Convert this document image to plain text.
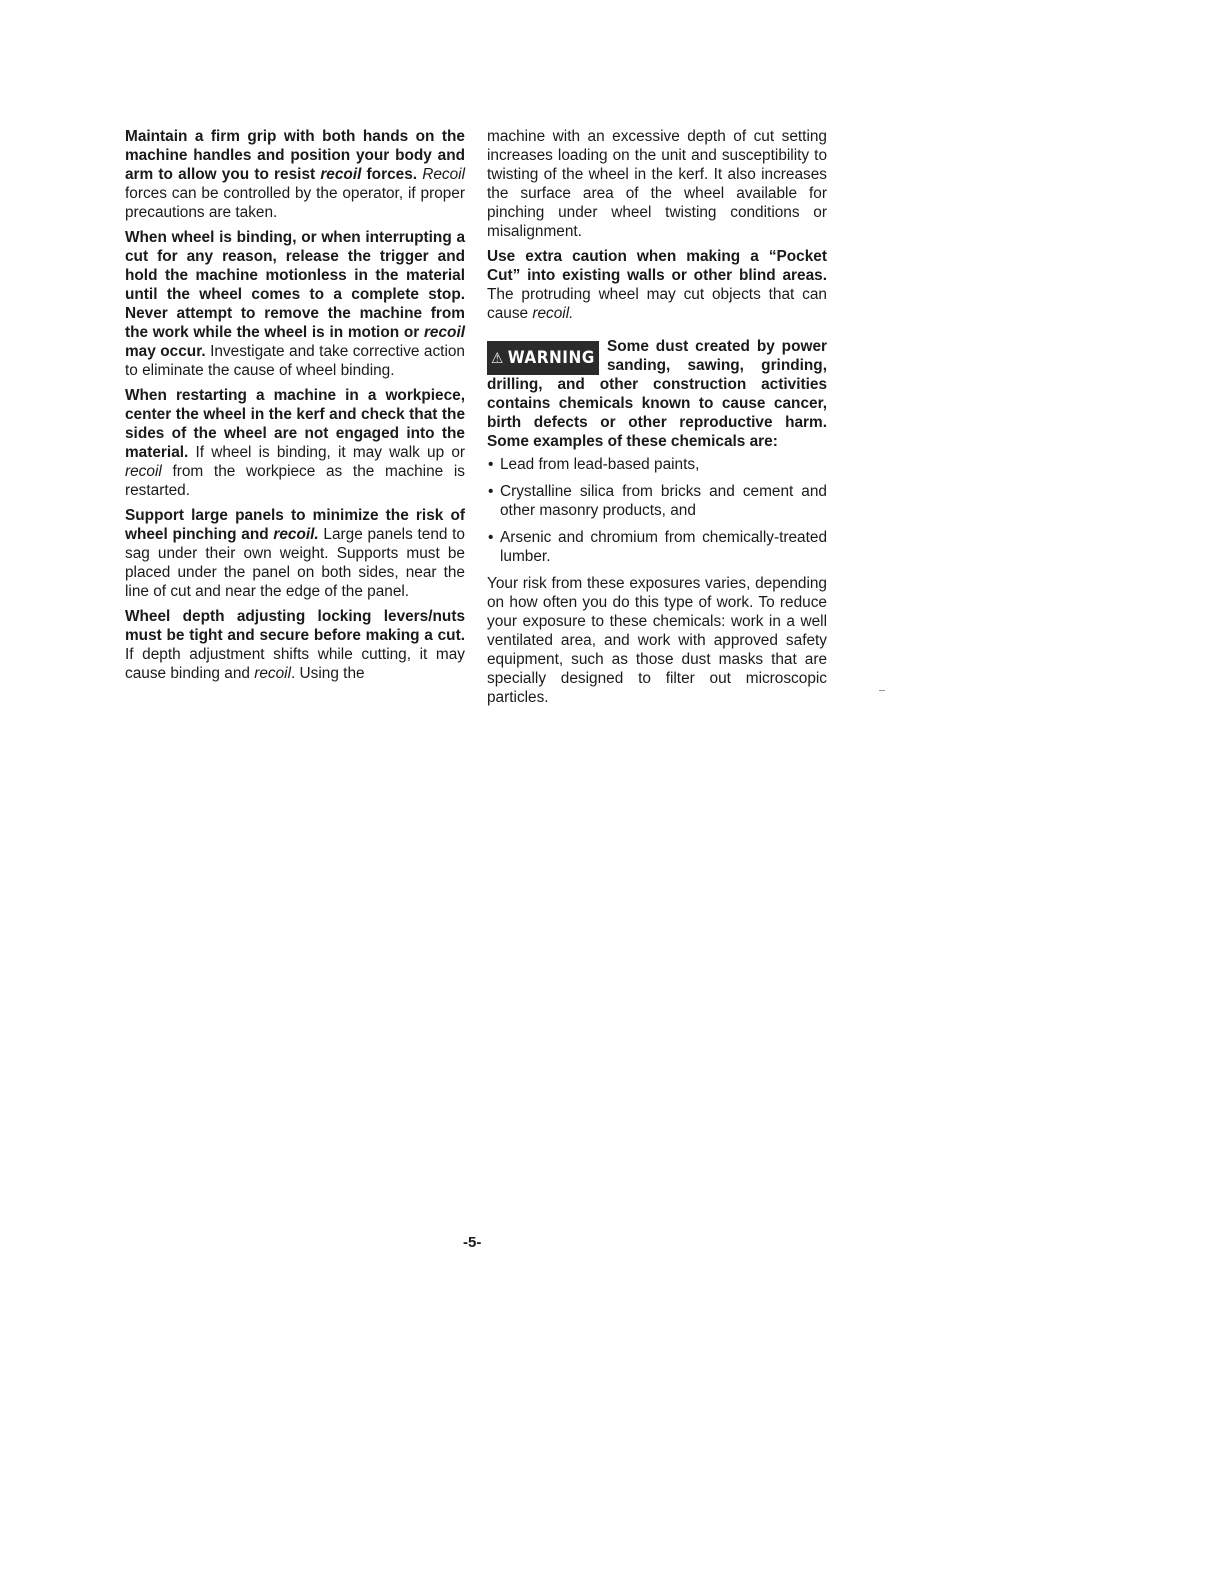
Maintain a firm grip with both hands on the machine handles and position your body and arm to allow you to resist recoil forces. Recoil forces can be controlled by the operator, if proper precautions are taken.

When wheel is binding, or when interrupting a cut for any reason, release the trigger and hold the machine motionless in the material until the wheel comes to a complete stop. Never attempt to remove the machine from the work while the wheel is in motion or recoil may occur. Investigate and take corrective action to eliminate the cause of wheel binding.

When restarting a machine in a workpiece, center the wheel in the kerf and check that the sides of the wheel are not engaged into the material. If wheel is binding, it may walk up or recoil from the workpiece as the machine is restarted.

Support large panels to minimize the risk of wheel pinching and recoil. Large panels tend to sag under their own weight. Supports must be placed under the panel on both sides, near the line of cut and near the edge of the panel.

Wheel depth adjusting locking levers/nuts must be tight and secure before making a cut. If depth adjustment shifts while cutting, it may cause binding and recoil. Using the

machine with an excessive depth of cut setting increases loading on the unit and susceptibility to twisting of the wheel in the kerf. It also increases the surface area of the wheel available for pinching under wheel twisting conditions or misalignment.

Use extra caution when making a “Pocket Cut” into existing walls or other blind areas. The protruding wheel may cut objects that can cause recoil.

⚠ WARNING
Some dust created by power sanding, sawing, grinding, drilling, and other construction activities contains chemicals known to cause cancer, birth defects or other reproductive harm. Some examples of these chemicals are:
• Lead from lead-based paints,
• Crystalline silica from bricks and cement and other masonry products, and
• Arsenic and chromium from chemically-treated lumber.

Your risk from these exposures varies, depending on how often you do this type of work. To reduce your exposure to these chemicals: work in a well ventilated area, and work with approved safety equipment, such as those dust masks that are specially designed to filter out microscopic particles.

-5-
